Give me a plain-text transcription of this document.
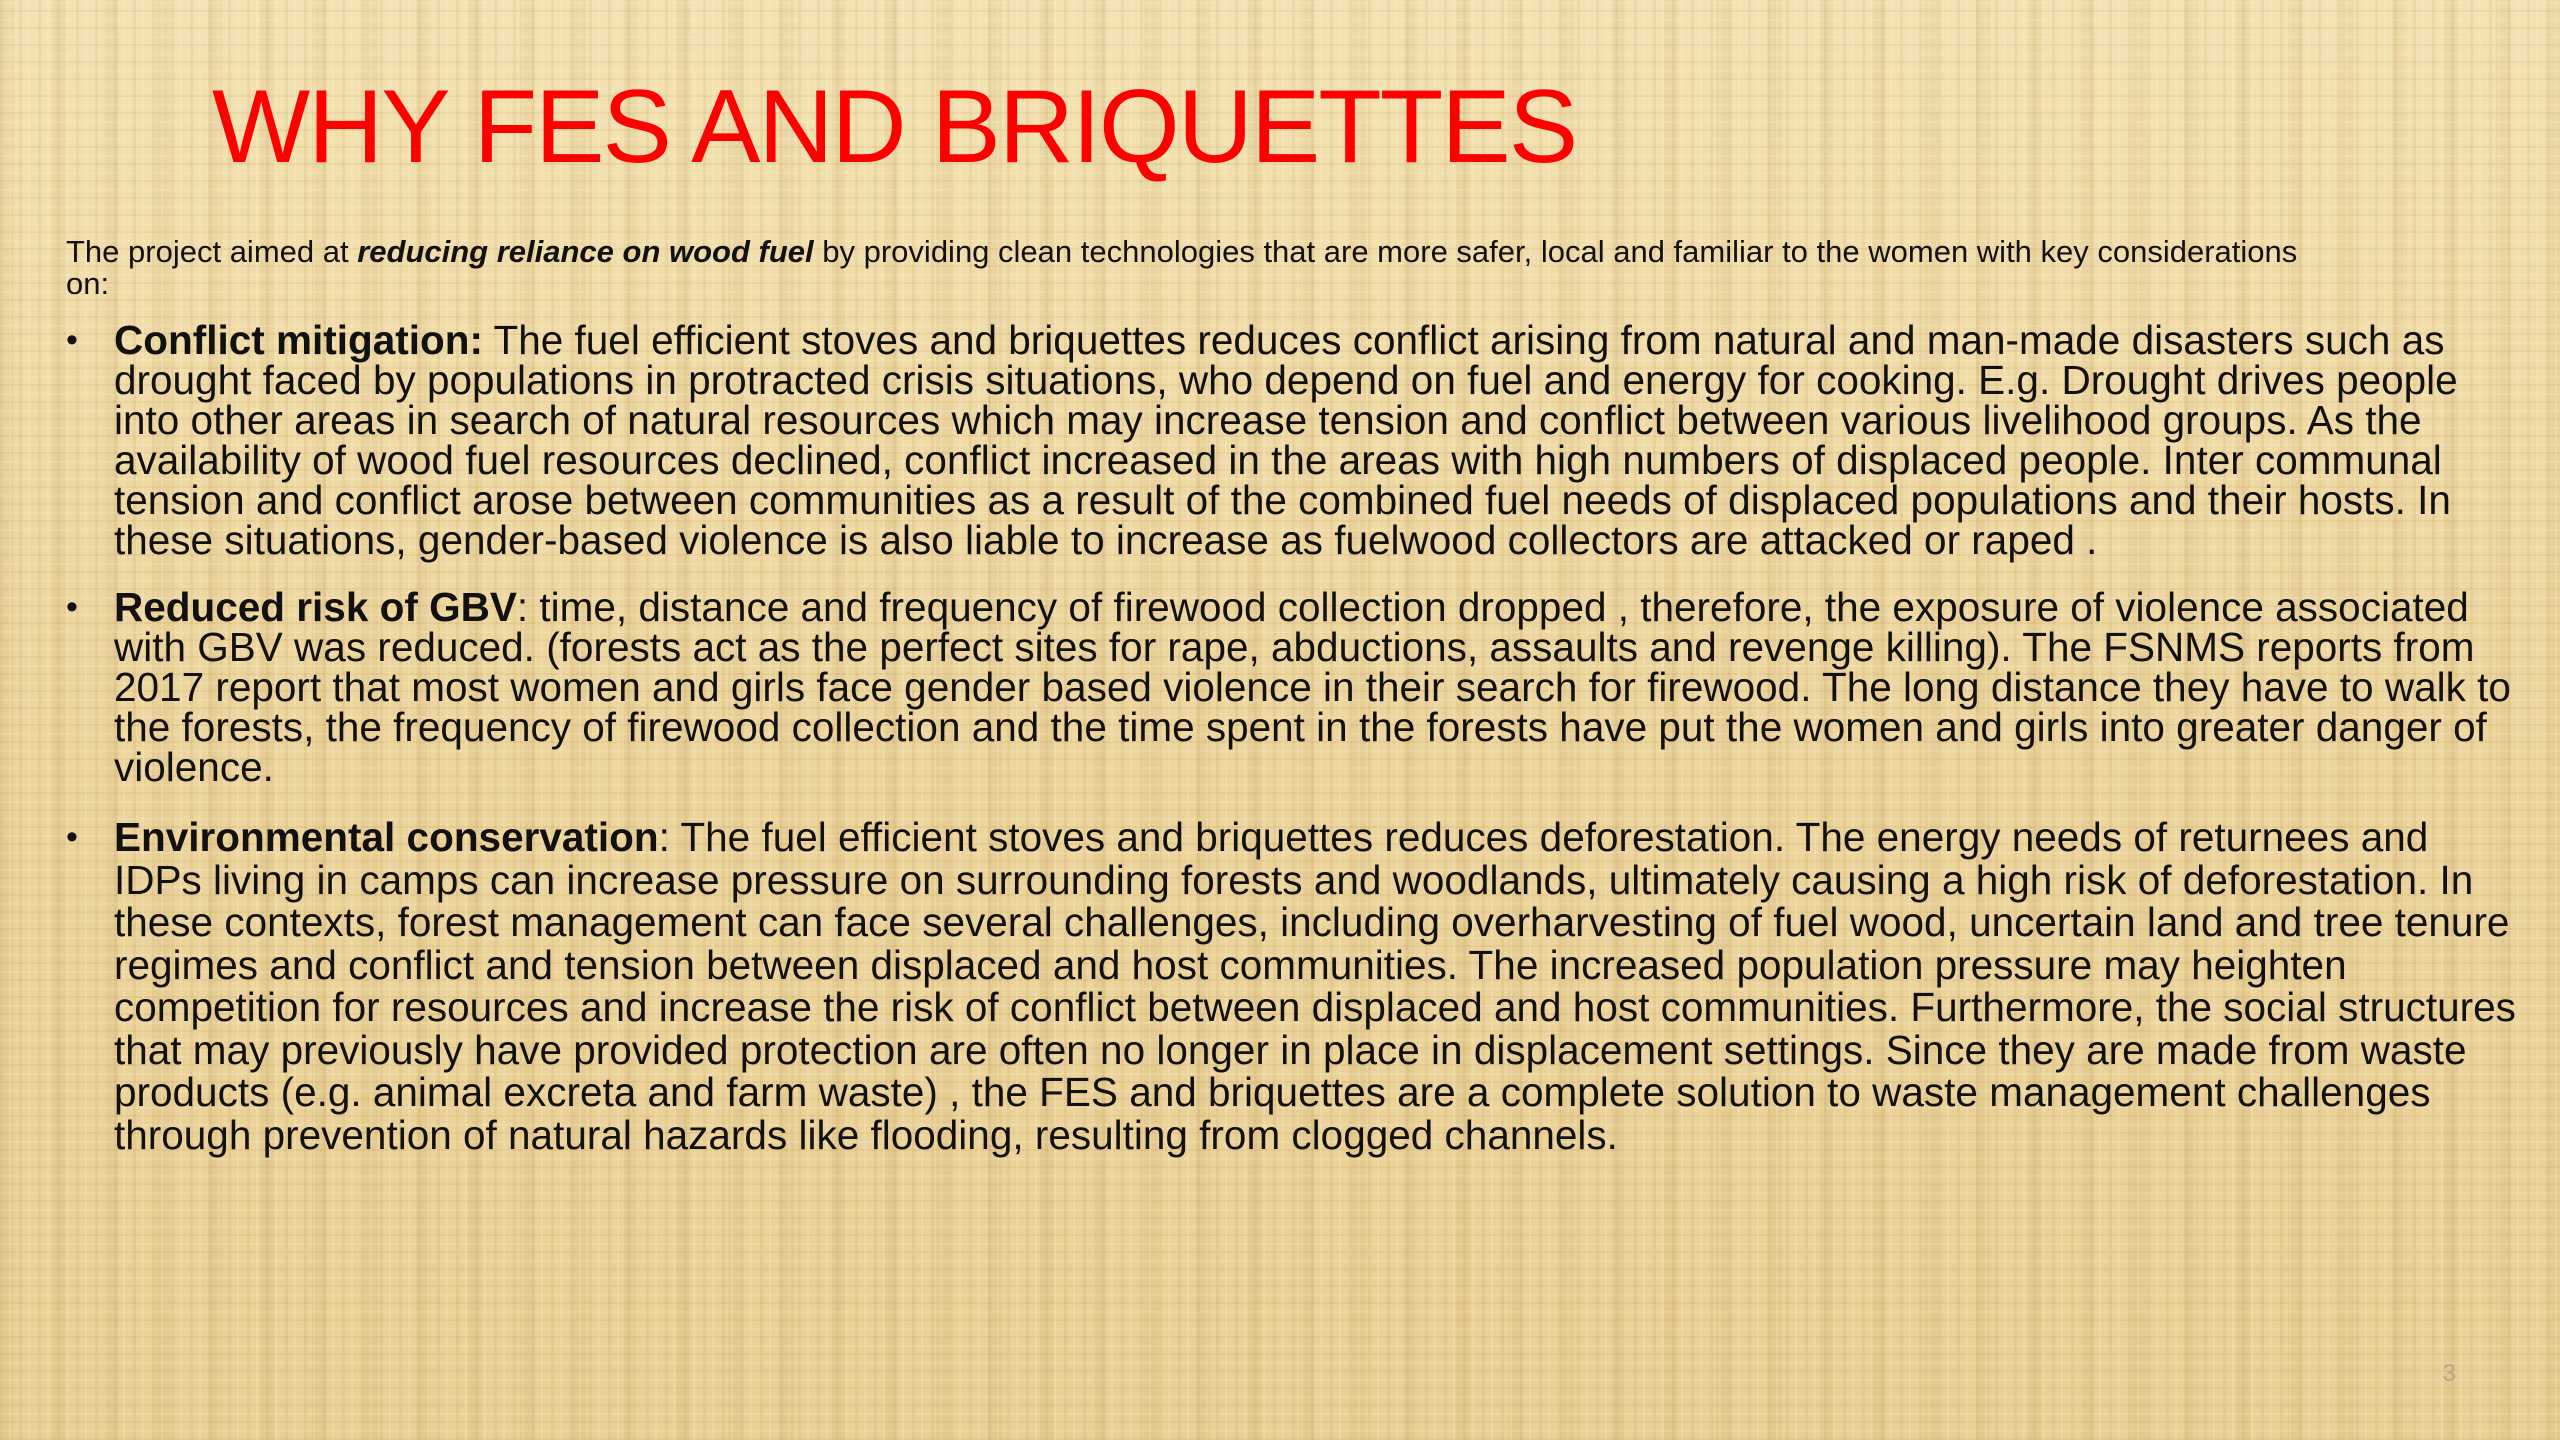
WHY FES AND BRIQUETTES

The project aimed at reducing reliance on wood fuel by providing clean technologies that are more safer, local and familiar to the women with key considerations on:

• Conflict mitigation: The fuel efficient stoves and briquettes reduces conflict arising from natural and man-made disasters such as drought faced by populations in protracted crisis situations, who depend on fuel and energy for cooking. E.g. Drought drives people into other areas in search of natural resources which may increase tension and conflict between various livelihood groups. As the availability of wood fuel resources declined, conflict increased in the areas with high numbers of displaced people. Inter communal tension and conflict arose between communities as a result of the combined fuel needs of displaced populations and their hosts. In these situations, gender-based violence is also liable to increase as fuelwood collectors are attacked or raped .
• Reduced risk of GBV: time, distance and frequency of firewood collection dropped , therefore, the exposure of violence associated with GBV was reduced. (forests act as the perfect sites for rape, abductions, assaults and revenge killing). The FSNMS reports from 2017 report that most women and girls face gender based violence in their search for firewood. The long distance they have to walk to the forests, the frequency of firewood collection and the time spent in the forests have put the women and girls into greater danger of violence.
• Environmental conservation: The fuel efficient stoves and briquettes reduces deforestation. The energy needs of returnees and IDPs living in camps can increase pressure on surrounding forests and woodlands, ultimately causing a high risk of deforestation. In these contexts, forest management can face several challenges, including overharvesting of fuel wood, uncertain land and tree tenure regimes and conflict and tension between displaced and host communities. The increased population pressure may heighten competition for resources and increase the risk of conflict between displaced and host communities. Furthermore, the social structures that may previously have provided protection are often no longer in place in displacement settings. Since they are made from waste products (e.g. animal excreta and farm waste) , the FES and briquettes are a complete solution to waste management challenges through prevention of natural hazards like flooding, resulting from clogged channels.
3
